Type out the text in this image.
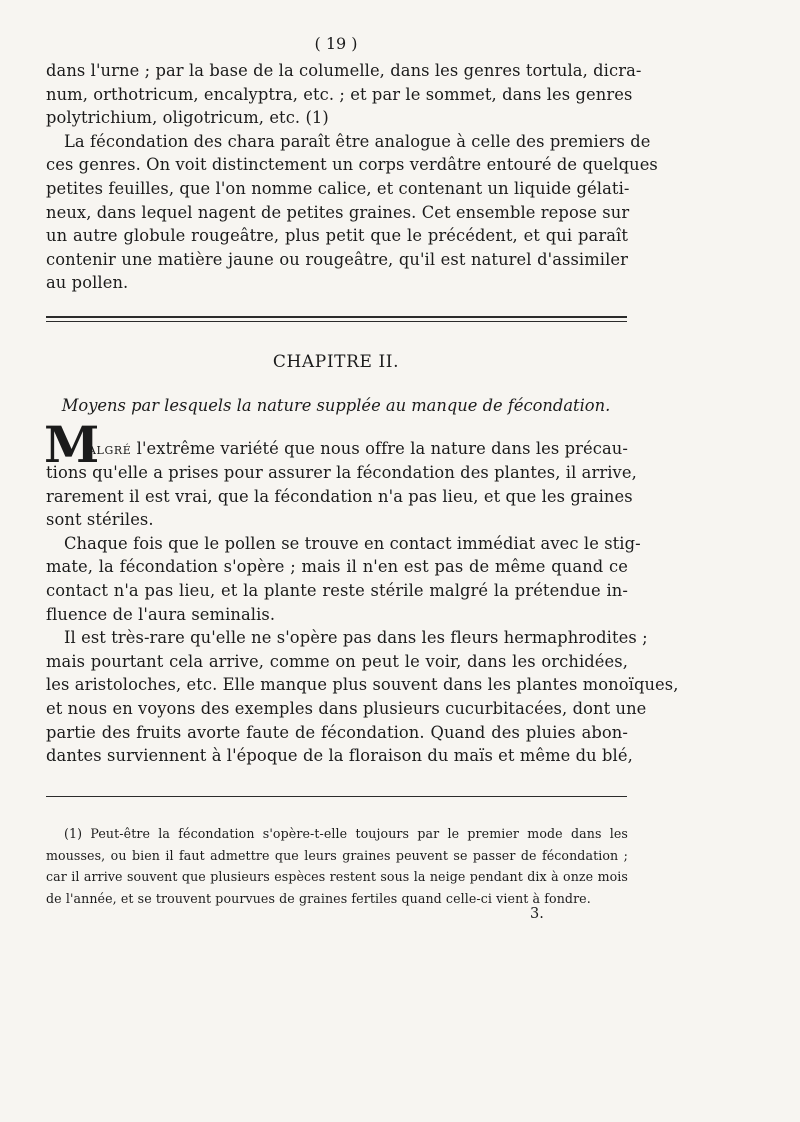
( 19 )
dans l'urne ; par la base de la columelle, dans les genres tortula, dicra-
num, orthotricum, encalyptra, etc. ; et par le sommet, dans les genres
polytrichium, oligotricum, etc. (1)
La fécondation des chara paraît être analogue à celle des premiers de
ces genres. On voit distinctement un corps verdâtre entouré de quelques
petites feuilles, que l'on nomme calice, et contenant un liquide gélati-
neux, dans lequel nagent de petites graines. Cet ensemble repose sur
un autre globule rougeâtre, plus petit que le précédent, et qui paraît
contenir une matière jaune ou rougeâtre, qu'il est naturel d'assimiler
au pollen.
CHAPITRE II.
Moyens par lesquels la nature supplée au manque de fécondation.
M
ALGRÉ l'extrême variété que nous offre la nature dans les précau-
tions qu'elle a prises pour assurer la fécondation des plantes, il arrive,
rarement il est vrai, que la fécondation n'a pas lieu, et que les graines
sont stériles.
Chaque fois que le pollen se trouve en contact immédiat avec le stig-
mate, la fécondation s'opère ; mais il n'en est pas de même quand ce
contact n'a pas lieu, et la plante reste stérile malgré la prétendue in-
fluence de l'aura seminalis.
Il est très-rare qu'elle ne s'opère pas dans les fleurs hermaphrodites ;
mais pourtant cela arrive, comme on peut le voir, dans les orchidées,
les aristoloches, etc. Elle manque plus souvent dans les plantes monoïques,
et nous en voyons des exemples dans plusieurs cucurbitacées, dont une
partie des fruits avorte faute de fécondation. Quand des pluies abon-
dantes surviennent à l'époque de la floraison du maïs et même du blé,
(1) Peut-être la fécondation s'opère-t-elle toujours par le premier mode dans les
mousses, ou bien il faut admettre que leurs graines peuvent se passer de fécondation ;
car il arrive souvent que plusieurs espèces restent sous la neige pendant dix à onze mois
de l'année, et se trouvent pourvues de graines fertiles quand celle-ci vient à fondre.
3.
